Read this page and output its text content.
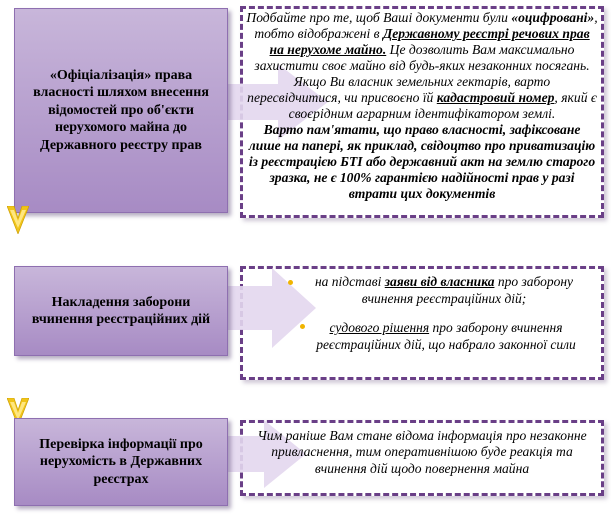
«Офіціалізація» права власності шляхом внесення відомостей про об'єкти нерухомого майна до Державного реєстру прав
Подбайте про те, щоб Ваші документи були «оцифровані», тобто відображені в Державному реєстрі речових прав на нерухоме майно. Це дозволить Вам максимально захистити своє майно від будь-яких незаконних посягань.
Якщо Ви власник земельних гектарів, варто пересвідчитися, чи присвоєно їй кадастровий номер, який є своєрідним аграрним ідентифікатором землі.
Варто пам'ятати, що право власності, зафіксоване лише на папері, як приклад, свідоцтво про приватизацію із реєстрацією БТІ або державний акт на землю старого зразка, не є 100% гарантією надійності прав у разі втрати цих документів
Накладення заборони вчинення реєстраційних дій
на підставі заяви від власника про заборону вчинення реєстраційних дій;
судового рішення про заборону вчинення реєстраційних дій, що набрало законної сили
Перевірка інформації про нерухомість в Державних реєстрах
Чим раніше Вам стане відома інформація про незаконне привласнення, тим оперативнішою буде реакція та вчинення дій щодо повернення майна
